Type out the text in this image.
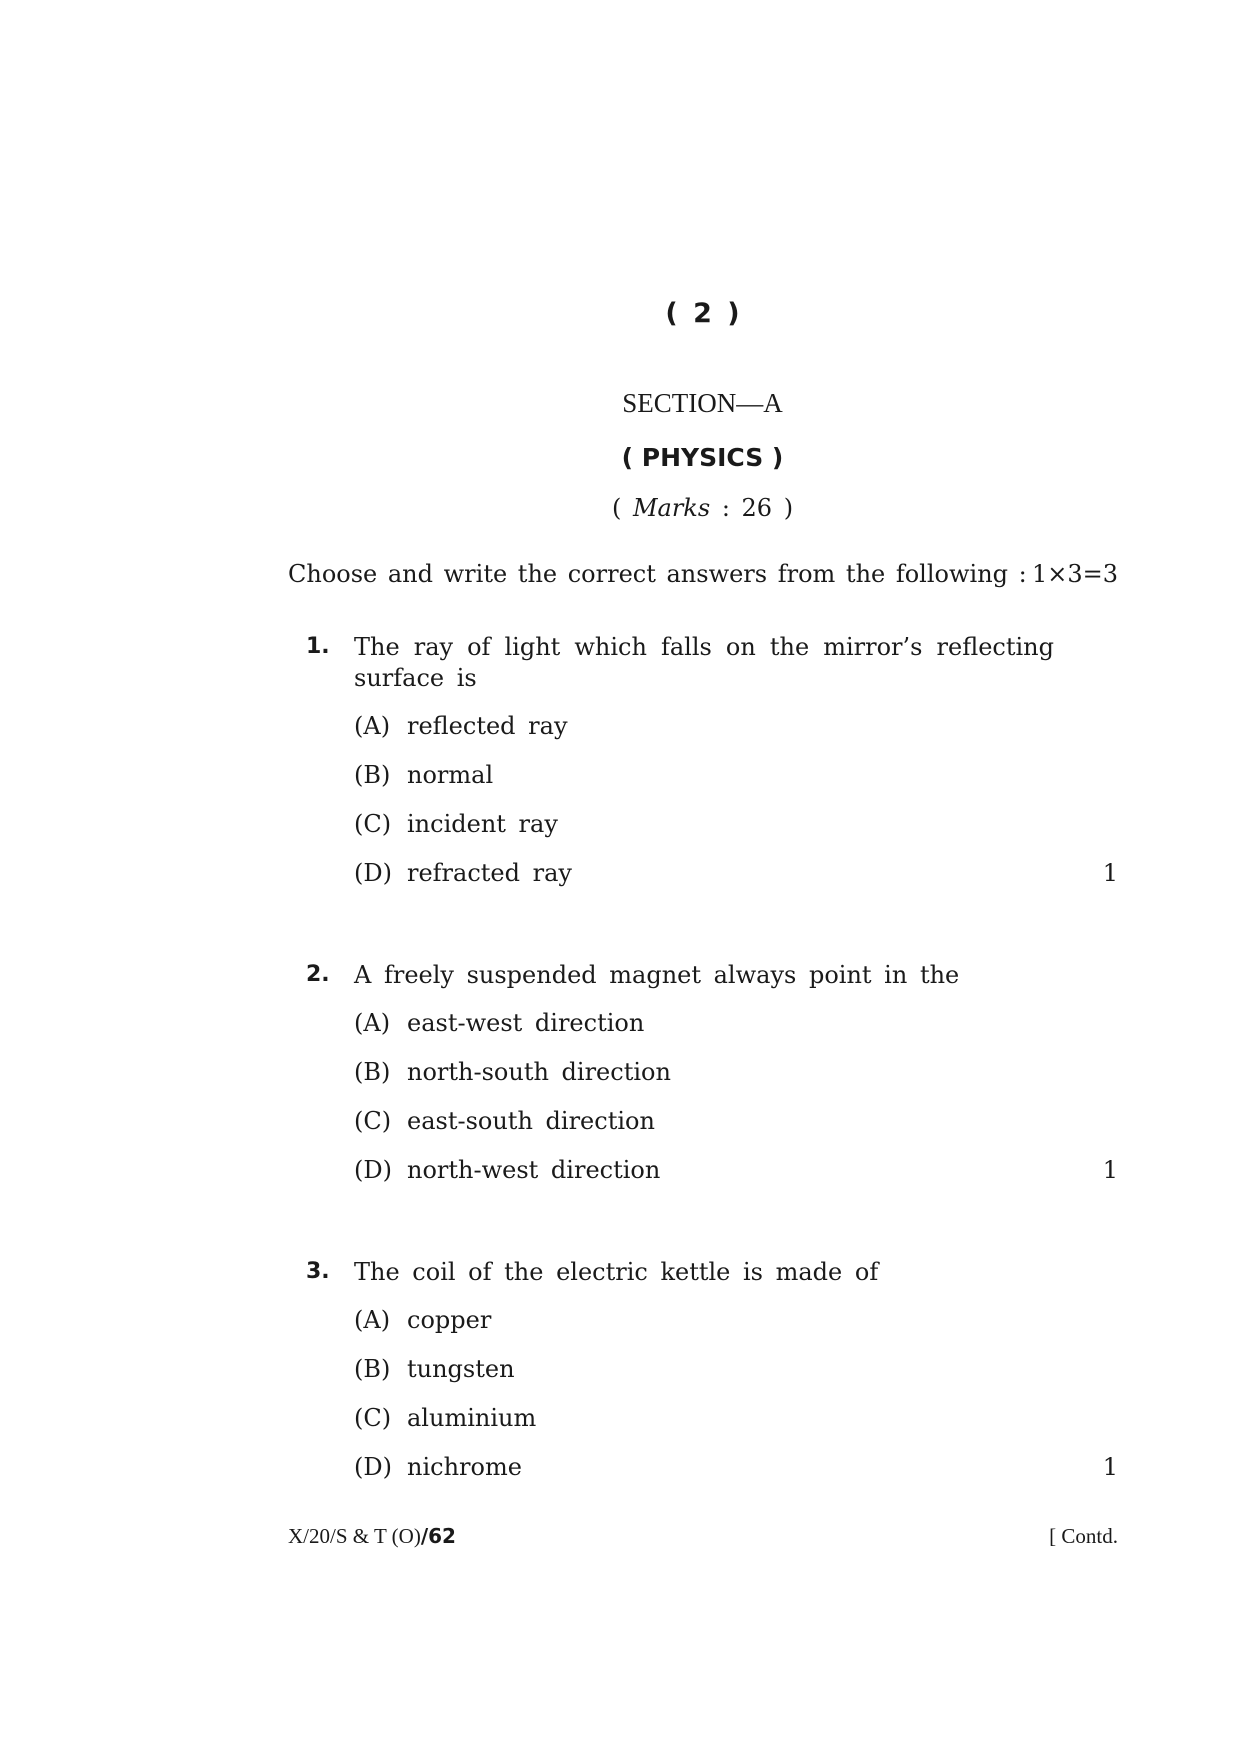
( 2 )
SECTION—A
( PHYSICS )
( Marks : 26 )
Choose and write the correct answers from the following : 1×3=3
1. The ray of light which falls on the mirror’s reflecting surface is

(A) reflected ray
(B) normal
(C) incident ray
(D) refracted ray	1
2. A freely suspended magnet always point in the

(A) east-west direction
(B) north-south direction
(C) east-south direction
(D) north-west direction	1
3. The coil of the electric kettle is made of

(A) copper
(B) tungsten
(C) aluminium
(D) nichrome	1
X/20/S & T (O)/62	[ Contd.
